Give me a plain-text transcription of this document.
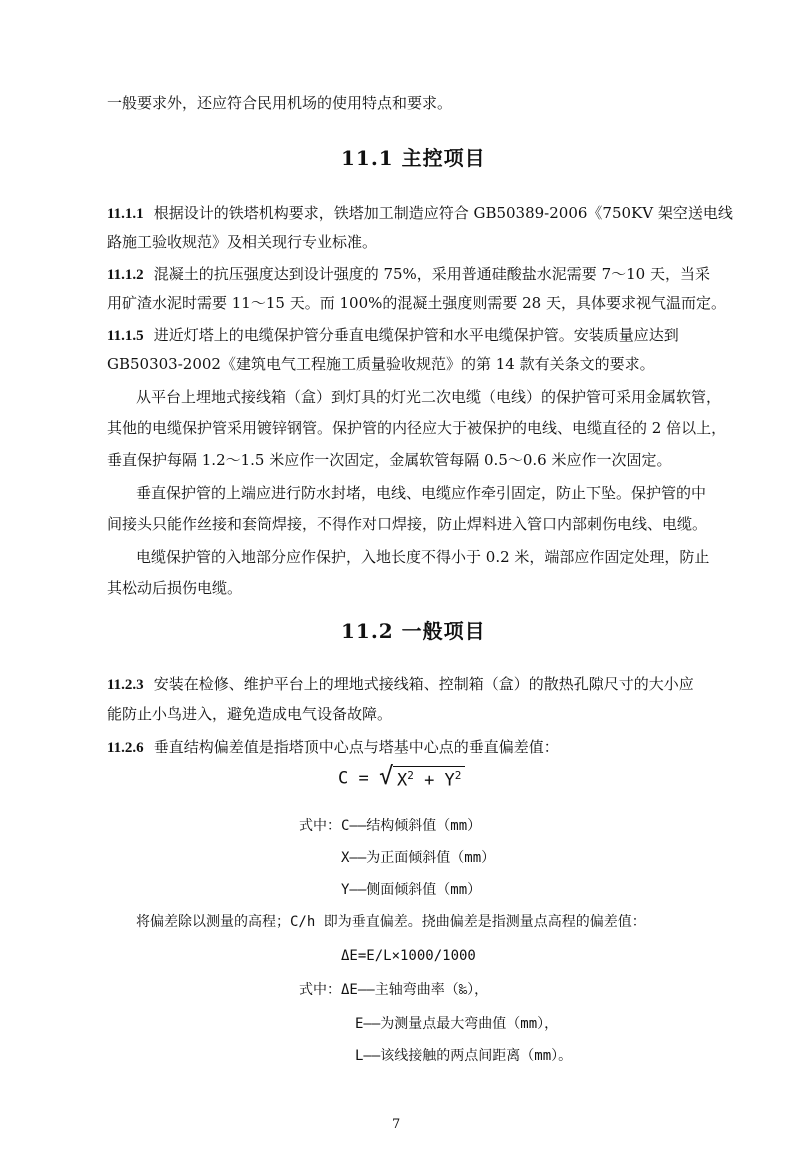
一般要求外，还应符合民用机场的使用特点和要求。
11.1 主控项目
11.1.1 根据设计的铁塔机构要求，铁塔加工制造应符合 GB50389-2006《750KV 架空送电线
路施工验收规范》及相关现行专业标准。
11.1.2 混凝土的抗压强度达到设计强度的 75%，采用普通硅酸盐水泥需要 7～10 天，当采
用矿渣水泥时需要 11～15 天。而 100%的混凝土强度则需要 28 天，具体要求视气温而定。
11.1.5 进近灯塔上的电缆保护管分垂直电缆保护管和水平电缆保护管。安装质量应达到
GB50303-2002《建筑电气工程施工质量验收规范》的第 14 款有关条文的要求。
从平台上埋地式接线箱（盒）到灯具的灯光二次电缆（电线）的保护管可采用金属软管，
其他的电缆保护管采用镀锌钢管。保护管的内径应大于被保护的电线、电缆直径的 2 倍以上，
垂直保护每隔 1.2～1.5 米应作一次固定，金属软管每隔 0.5～0.6 米应作一次固定。
垂直保护管的上端应进行防水封堵，电线、电缆应作牵引固定，防止下坠。保护管的中
间接头只能作丝接和套筒焊接，不得作对口焊接，防止焊料进入管口内部刺伤电线、电缆。
电缆保护管的入地部分应作保护，入地长度不得小于 0.2 米，端部应作固定处理，防止
其松动后损伤电缆。
11.2 一般项目
11.2.3 安装在检修、维护平台上的埋地式接线箱、控制箱（盒）的散热孔隙尺寸的大小应
能防止小鸟进入，避免造成电气设备故障。
11.2.6 垂直结构偏差值是指塔顶中心点与塔基中心点的垂直偏差值：
C = √ $X^2 + Y^2$
式中：C——结构倾斜值（mm）
X——为正面倾斜值（mm）
Y——侧面倾斜值（mm）
将偏差除以测量的高程；C/h 即为垂直偏差。挠曲偏差是指测量点高程的偏差值：
ΔE=E/L×1000/1000
式中：ΔE——主轴弯曲率（‰），
E——为测量点最大弯曲值（mm），
L——该线接触的两点间距离（mm）。
7
